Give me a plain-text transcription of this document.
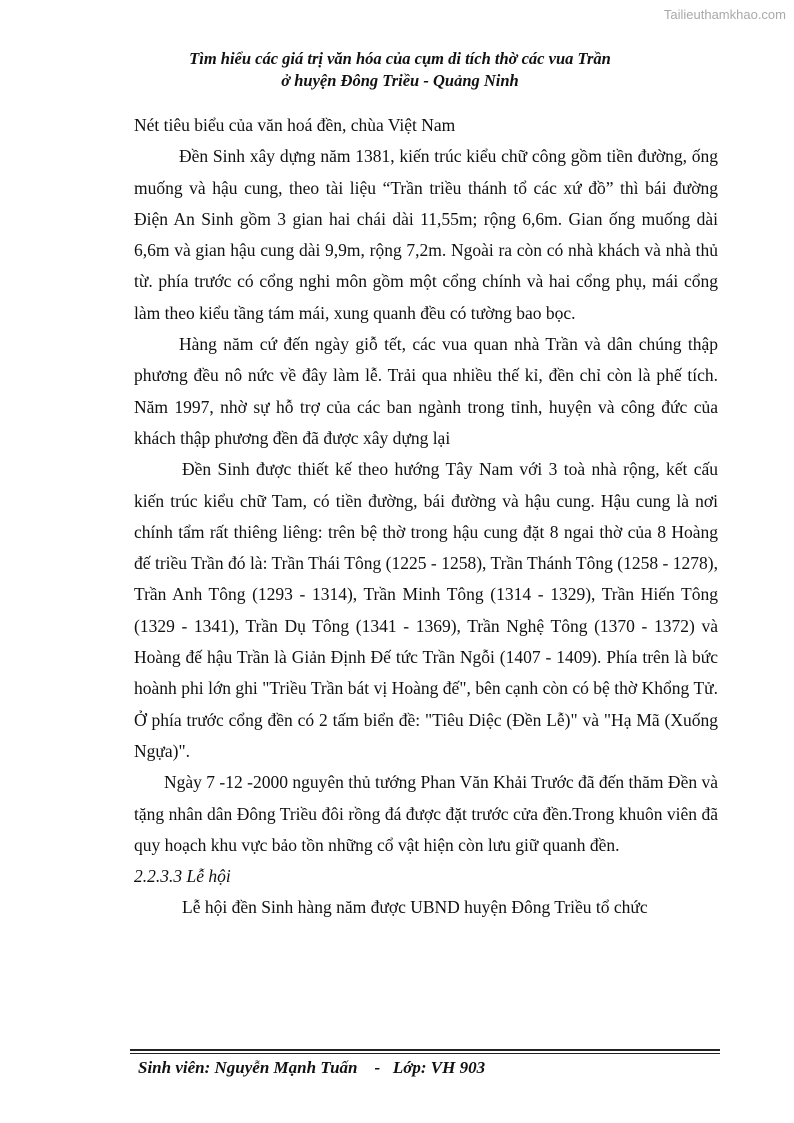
Tailieuthamkhao.com
Tìm hiểu các giá trị văn hóa của cụm di tích thờ các vua Trần
ở huyện Đông Triều - Quảng Ninh

Nét tiêu biểu của văn hoá đền, chùa Việt Nam

Đền Sinh xây dựng năm 1381, kiến trúc kiểu chữ công gồm tiền đường, ống muống và hậu cung, theo tài liệu “Trần triều thánh tổ các xứ đồ” thì bái đường Điện An Sinh gồm 3 gian hai chái dài 11,55m; rộng 6,6m. Gian ống muống dài 6,6m và gian hậu cung dài 9,9m, rộng 7,2m. Ngoài ra còn có nhà khách và nhà thủ từ. phía trước có cổng nghi môn gồm một cổng chính và hai cổng phụ, mái cổng làm theo kiểu tầng tám mái, xung quanh đều có tường bao bọc.

Hàng năm cứ đến ngày giỗ tết, các vua quan nhà Trần và dân chúng thập phương đều nô nức về đây làm lễ. Trải qua nhiều thế kỉ, đền chỉ còn là phế tích. Năm 1997, nhờ sự hỗ trợ của các ban ngành trong tỉnh, huyện và công đức của khách thập phương đền đã được xây dựng lại

Đền Sinh được thiết kế theo hướng Tây Nam với 3 toà nhà rộng, kết cấu kiến trúc kiểu chữ Tam, có tiền đường, bái đường và hậu cung. Hậu cung là nơi chính tẩm rất thiêng liêng: trên bệ thờ trong hậu cung đặt 8 ngai thờ của 8 Hoàng đế triều Trần đó là: Trần Thái Tông (1225 - 1258), Trần Thánh Tông (1258 - 1278), Trần Anh Tông (1293 - 1314), Trần Minh Tông (1314 - 1329), Trần Hiến Tông (1329 - 1341), Trần Dụ Tông (1341 - 1369), Trần Nghệ Tông (1370 - 1372) và Hoàng đế hậu Trần là Giản Định Đế tức Trần Ngỗi (1407 - 1409). Phía trên là bức hoành phi lớn ghi "Triều Trần bát vị Hoàng đế", bên cạnh còn có bệ thờ Khổng Tử. Ở phía trước cổng đền có 2 tấm biển đề: "Tiêu Diệc (Đền Lễ)" và "Hạ Mã (Xuống Ngựa)".

Ngày 7 -12 -2000 nguyên thủ tướng Phan Văn Khải Trước đã đến thăm Đền và tặng nhân dân Đông Triều đôi rồng đá được đặt trước cửa đền.Trong khuôn viên đã quy hoạch khu vực bảo tồn những cổ vật hiện còn lưu giữ quanh đền.

2.2.3.3 Lễ hội

Lễ hội đền Sinh hàng năm được UBND huyện Đông Triều tổ chức

Sinh viên: Nguyễn Mạnh Tuấn    -   Lớp: VH 903
